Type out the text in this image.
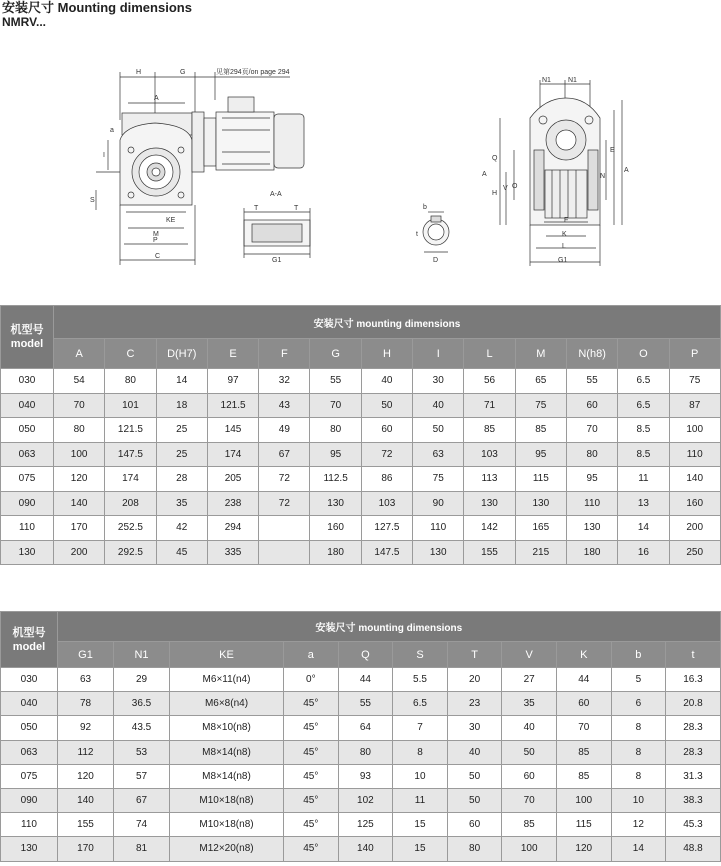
安装尺寸 Mounting dimensions
NMRV...
H	G	见第294页/on page 294
A
I
S
a
KE
M
P
C
A-A
T	T
G1
b
t
D
N1 N1
Q
H
V O
N
E
A
A
F
K
L
G1
机型号 model	安装尺寸 mounting dimensions												
	A	C	D(H7)	E	F	G	H	I	L	M	N(h8)	O	P
030	54	80	14	97	32	55	40	30	56	65	55	6.5	75
040	70	101	18	121.5	43	70	50	40	71	75	60	6.5	87
050	80	121.5	25	145	49	80	60	50	85	85	70	8.5	100
063	100	147.5	25	174	67	95	72	63	103	95	80	8.5	110
075	120	174	28	205	72	112.5	86	75	113	115	95	11	140
090	140	208	35	238	72	130	103	90	130	130	110	13	160
110	170	252.5	42	294		160	127.5	110	142	165	130	14	200
130	200	292.5	45	335		180	147.5	130	155	215	180	16	250
机型号 model	安装尺寸 mounting dimensions										
	G1	N1	KE	a	Q	S	T	V	K	b	t
030	63	29	M6×11(n4)	0°	44	5.5	20	27	44	5	16.3
040	78	36.5	M6×8(n4)	45°	55	6.5	23	35	60	6	20.8
050	92	43.5	M8×10(n8)	45°	64	7	30	40	70	8	28.3
063	112	53	M8×14(n8)	45°	80	8	40	50	85	8	28.3
075	120	57	M8×14(n8)	45°	93	10	50	60	85	8	31.3
090	140	67	M10×18(n8)	45°	102	11	50	70	100	10	38.3
110	155	74	M10×18(n8)	45°	125	15	60	85	115	12	45.3
130	170	81	M12×20(n8)	45°	140	15	80	100	120	14	48.8
